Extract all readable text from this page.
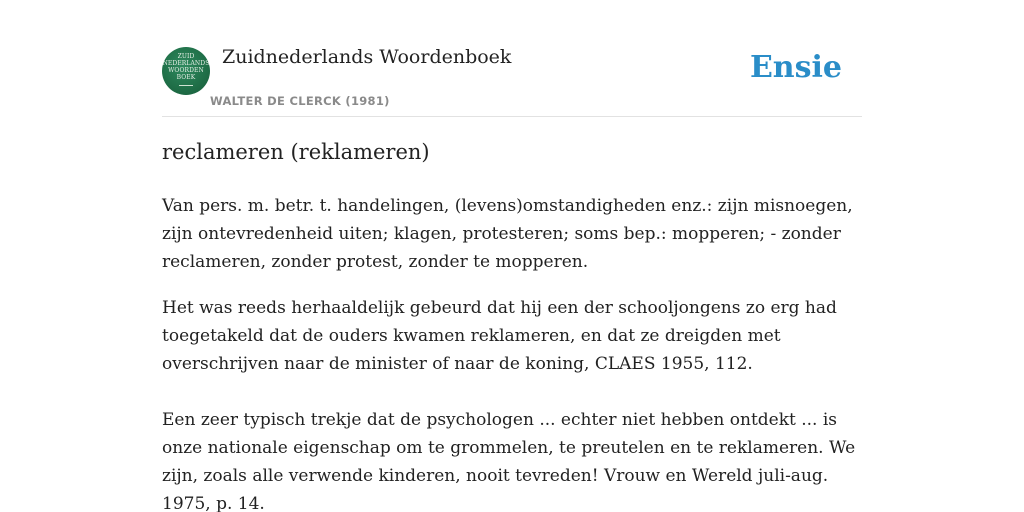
ZUID
NEDERLANDS
WOORDEN
BOEK
Zuidnederlands Woordenboek
WALTER DE CLERCK (1981)
Ensie
reclameren (reklameren)

Van pers. m. betr. t. handelingen, (levens)omstandigheden enz.: zijn misnoegen, zijn ontevredenheid uiten; klagen, protesteren; soms bep.: mopperen; - zonder reclameren, zonder protest, zonder te mopperen.

Het was reeds herhaaldelijk gebeurd dat hij een der schooljongens zo erg had toegetakeld dat de ouders kwamen reklameren, en dat ze dreigden met overschrijven naar de minister of naar de koning, CLAES 1955, 112.

Een zeer typisch trekje dat de psychologen ... echter niet hebben ontdekt ... is onze nationale eigenschap om te grommelen, te preutelen en te reklameren. We zijn, zoals alle verwende kinderen, nooit tevreden! Vrouw en Wereld juli-aug. 1975, p. 14.
